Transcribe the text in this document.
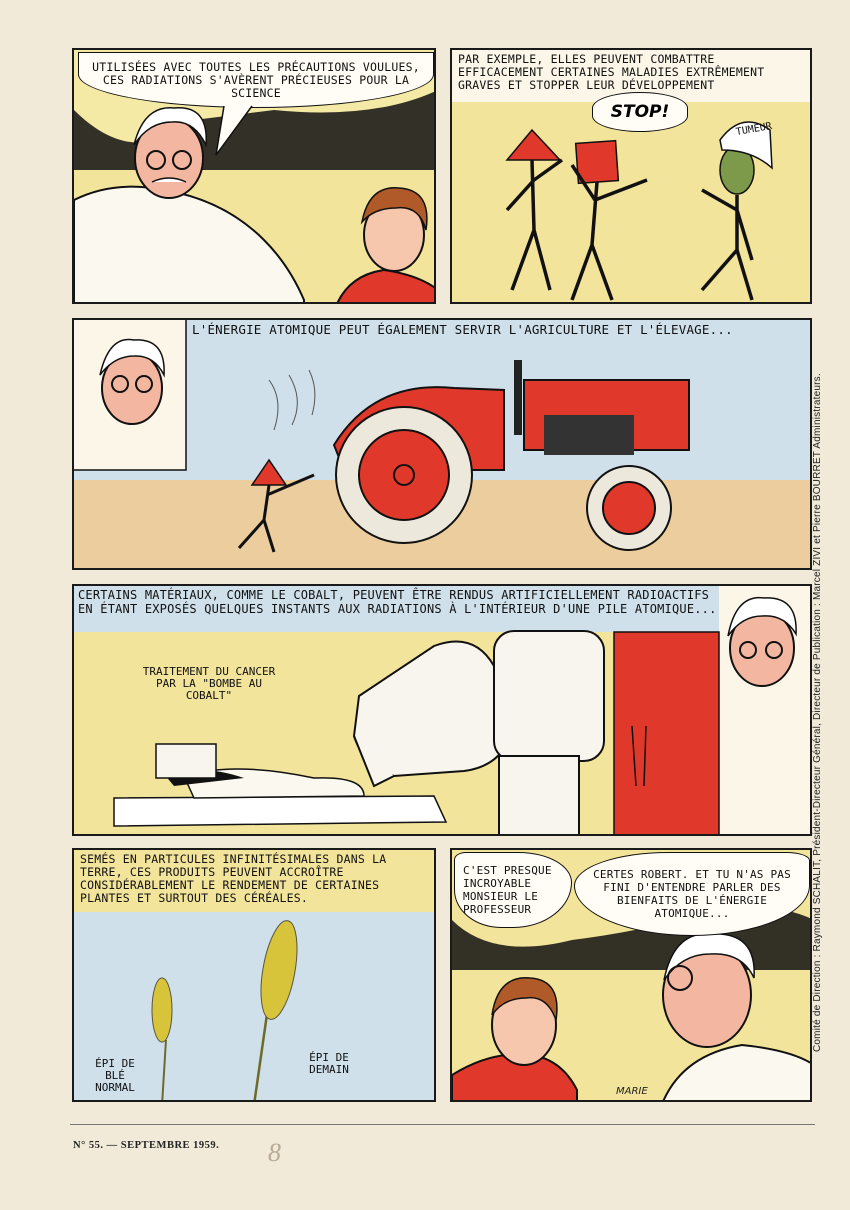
UTILISÉES AVEC TOUTES LES PRÉCAUTIONS VOULUES, CES RADIATIONS S'AVÈRENT PRÉCIEUSES POUR LA SCIENCE
PAR EXEMPLE, ELLES PEUVENT COMBATTRE EFFICACEMENT CERTAINES MALADIES EXTRÊMEMENT GRAVES ET STOPPER LEUR DÉVELOPPEMENT
STOP!
TUMEUR
L'ÉNERGIE ATOMIQUE PEUT ÉGALEMENT SERVIR L'AGRICULTURE ET L'ÉLEVAGE...
CERTAINS MATÉRIAUX, COMME LE COBALT, PEUVENT ÊTRE RENDUS ARTIFICIELLEMENT RADIOACTIFS EN ÉTANT EXPOSÉS QUELQUES INSTANTS AUX RADIATIONS À L'INTÉRIEUR D'UNE PILE ATOMIQUE...
TRAITEMENT DU CANCER PAR LA "BOMBE AU COBALT"
SEMÉS EN PARTICULES INFINITÉSIMALES DANS LA TERRE, CES PRODUITS PEUVENT ACCROÎTRE CONSIDÉRABLEMENT LE RENDEMENT DE CERTAINES PLANTES ET SURTOUT DES CÉRÉALES.
ÉPI DE BLÉ NORMAL
ÉPI DE DEMAIN
C'EST PRESQUE INCROYABLE MONSIEUR LE PROFESSEUR
CERTES ROBERT. ET TU N'AS PAS FINI D'ENTENDRE PARLER DES BIENFAITS DE L'ÉNERGIE ATOMIQUE...
MARIE
Comité de Direction : Raymond SCHALIT, Président-Directeur Général, Directeur de Publication : Marcel ZIVI et Pierre BOURRET Administrateurs.
N° 55. — SEPTEMBRE 1959. 8
